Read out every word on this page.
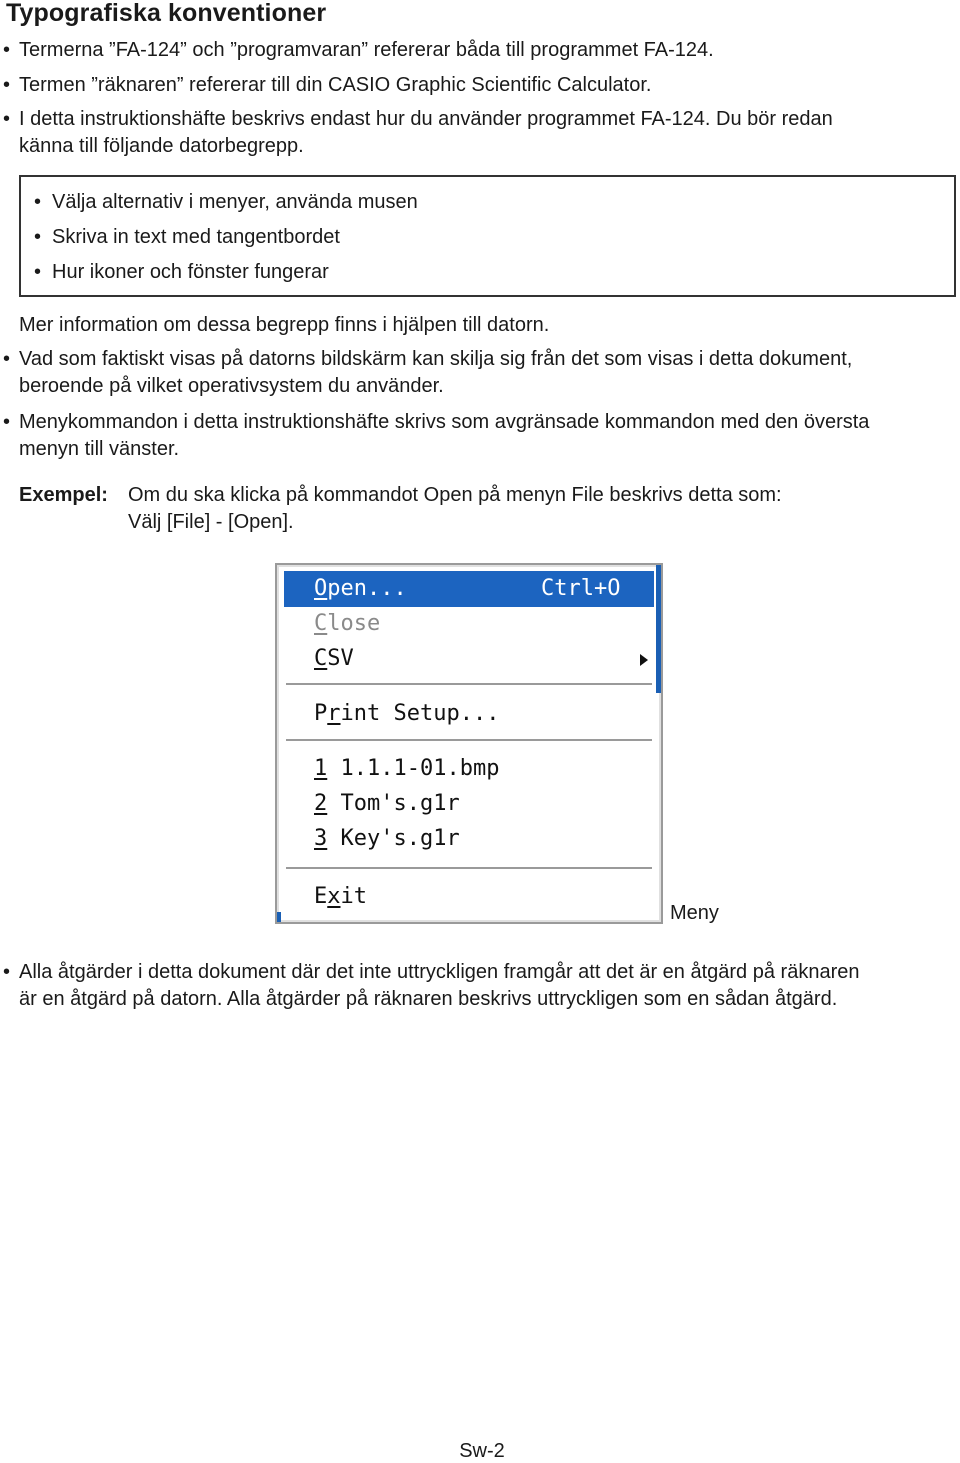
Typografiska konventioner
• Termerna ”FA-124” och ”programvaran” refererar båda till programmet FA-124.
• Termen ”räknaren” refererar till din CASIO Graphic Scientific Calculator.
• I detta instruktionshäfte beskrivs endast hur du använder programmet FA-124. Du bör redan
känna till följande datorbegrepp.
• Välja alternativ i menyer, använda musen
• Skriva in text med tangentbordet
• Hur ikoner och fönster fungerar
Mer information om dessa begrepp finns i hjälpen till datorn.
• Vad som faktiskt visas på datorns bildskärm kan skilja sig från det som visas i detta dokument,
beroende på vilket operativsystem du använder.
• Menykommandon i detta instruktionshäfte skrivs som avgränsade kommandon med den översta
menyn till vänster.
Exempel: Om du ska klicka på kommandot Open på menyn File beskrivs detta som:
Välj [File] - [Open].
Open...	Ctrl+O
Close
CSV
Print Setup...
1 1.1.1-01.bmp
2 Tom's.g1r
3 Key's.g1r
Exit
Meny
• Alla åtgärder i detta dokument där det inte uttryckligen framgår att det är en åtgärd på räknaren
är en åtgärd på datorn. Alla åtgärder på räknaren beskrivs uttryckligen som en sådan åtgärd.
Sw-2
